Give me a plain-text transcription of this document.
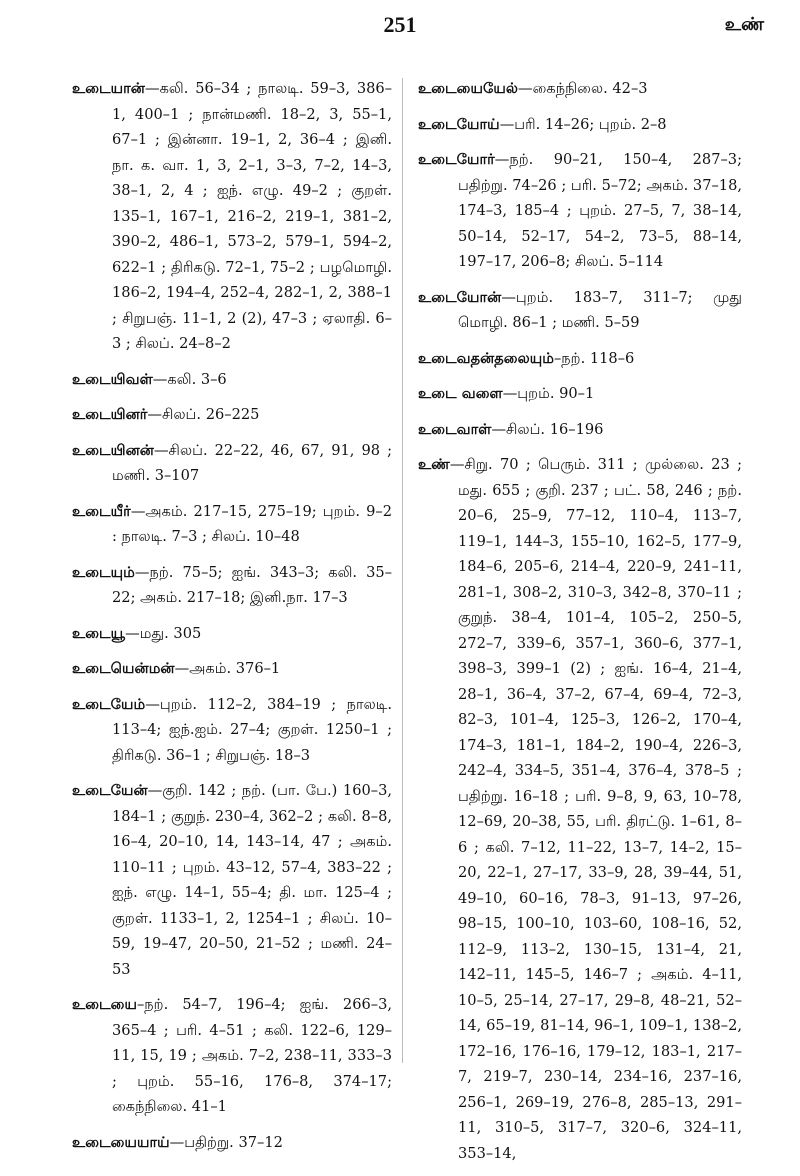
251	உண்

உடையான்—கலி. 56–34 ; நாலடி. 59–3, 386–1, 400–1 ; நான்மணி. 18–2, 3, 55–1, 67–1 ; இன்னா. 19–1, 2, 36–4 ; இனி. நா. க. வா. 1, 3, 2–1, 3–3, 7–2, 14–3, 38–1, 2, 4 ; ஐந். எழு. 49–2 ; குறள். 135–1, 167–1, 216–2, 219–1, 381–2, 390–2, 486–1, 573–2, 579–1, 594–2, 622–1 ; திரிகடு. 72–1, 75–2 ; பழமொழி. 186–2, 194–4, 252–4, 282–1, 2, 388–1 ; சிறுபஞ். 11–1, 2 (2), 47–3 ; ஏலாதி. 6–3 ; சிலப். 24–8–2

உடையிவள்—கலி. 3–6

உடையினர்—சிலப். 26–225

உடையினன்—சிலப். 22–22, 46, 67, 91, 98 ; மணி. 3–107

உடையீர்—அகம். 217–15, 275–19; புறம். 9–2 : நாலடி. 7–3 ; சிலப். 10–48

உடையும்—நற். 75–5; ஐங். 343–3; கலி. 35–22; அகம். 217–18; இனி.நா. 17–3

உடையூ—மது. 305

உடையென்மன்—அகம். 376–1

உடையேம்—புறம். 112–2, 384–19 ; நாலடி. 113–4; ஐந்.ஐம். 27–4; குறள். 1250–1 ; திரிகடு. 36–1 ; சிறுபஞ். 18–3

உடையேன்—குறி. 142 ; நற். (பா. பே.) 160–3, 184–1 ; குறுந். 230–4, 362–2 ; கலி. 8–8, 16–4, 20–10, 14, 143–14, 47 ; அகம். 110–11 ; புறம். 43–12, 57–4, 383–22 ; ஐந். எழு. 14–1, 55–4; தி. மா. 125–4 ; குறள். 1133–1, 2, 1254–1 ; சிலப். 10–59, 19–47, 20–50, 21–52 ; மணி. 24–53

உடையை–நற். 54–7, 196–4; ஐங். 266–3, 365–4 ; பரி. 4–51 ; கலி. 122–6, 129–11, 15, 19 ; அகம். 7–2, 238–11, 333–3 ; புறம். 55–16, 176–8, 374–17; கைந்நிலை. 41–1

உடையையாய்—பதிற்று. 37–12

உடையையேல்—கைந்நிலை. 42–3

உடையோய்—பரி. 14–26; புறம். 2–8

உடையோர்—நற். 90–21, 150–4, 287–3; பதிற்று. 74–26 ; பரி. 5–72; அகம். 37–18, 174–3, 185–4 ; புறம். 27–5, 7, 38–14, 50–14, 52–17, 54–2, 73–5, 88–14, 197–17, 206–8; சிலப். 5–114

உடையோன்—புறம். 183–7, 311–7; முது மொழி. 86–1 ; மணி. 5–59

உடைவதன்தலையும்–நற். 118–6

உடை வளை—புறம். 90–1

உடைவாள்—சிலப். 16–196

உண்—சிறு. 70 ; பெரும். 311 ; முல்லை. 23 ; மது. 655 ; குறி. 237 ; பட். 58, 246 ; நற். 20–6, 25–9, 77–12, 110–4, 113–7, 119–1, 144–3, 155–10, 162–5, 177–9, 184–6, 205–6, 214–4, 220–9, 241–11, 281–1, 308–2, 310–3, 342–8, 370–11 ; குறுந். 38–4, 101–4, 105–2, 250–5, 272–7, 339–6, 357–1, 360–6, 377–1, 398–3, 399–1 (2) ; ஐங். 16–4, 21–4, 28–1, 36–4, 37–2, 67–4, 69–4, 72–3, 82–3, 101–4, 125–3, 126–2, 170–4, 174–3, 181–1, 184–2, 190–4, 226–3, 242–4, 334–5, 351–4, 376–4, 378–5 ; பதிற்று. 16–18 ; பரி. 9–8, 9, 63, 10–78, 12–69, 20–38, 55, பரி. திரட்டு. 1–61, 8–6 ; கலி. 7–12, 11–22, 13–7, 14–2, 15–20, 22–1, 27–17, 33–9, 28, 39–44, 51, 49–10, 60–16, 78–3, 91–13, 97–26, 98–15, 100–10, 103–60, 108–16, 52, 112–9, 113–2, 130–15, 131–4, 21, 142–11, 145–5, 146–7 ; அகம். 4–11, 10–5, 25–14, 27–17, 29–8, 48–21, 52–14, 65–19, 81–14, 96–1, 109–1, 138–2, 172–16, 176–16, 179–12, 183–1, 217–7, 219–7, 230–14, 234–16, 237–16, 256–1, 269–19, 276–8, 285–13, 291–11, 310–5, 317–7, 320–6, 324–11, 353–14,
